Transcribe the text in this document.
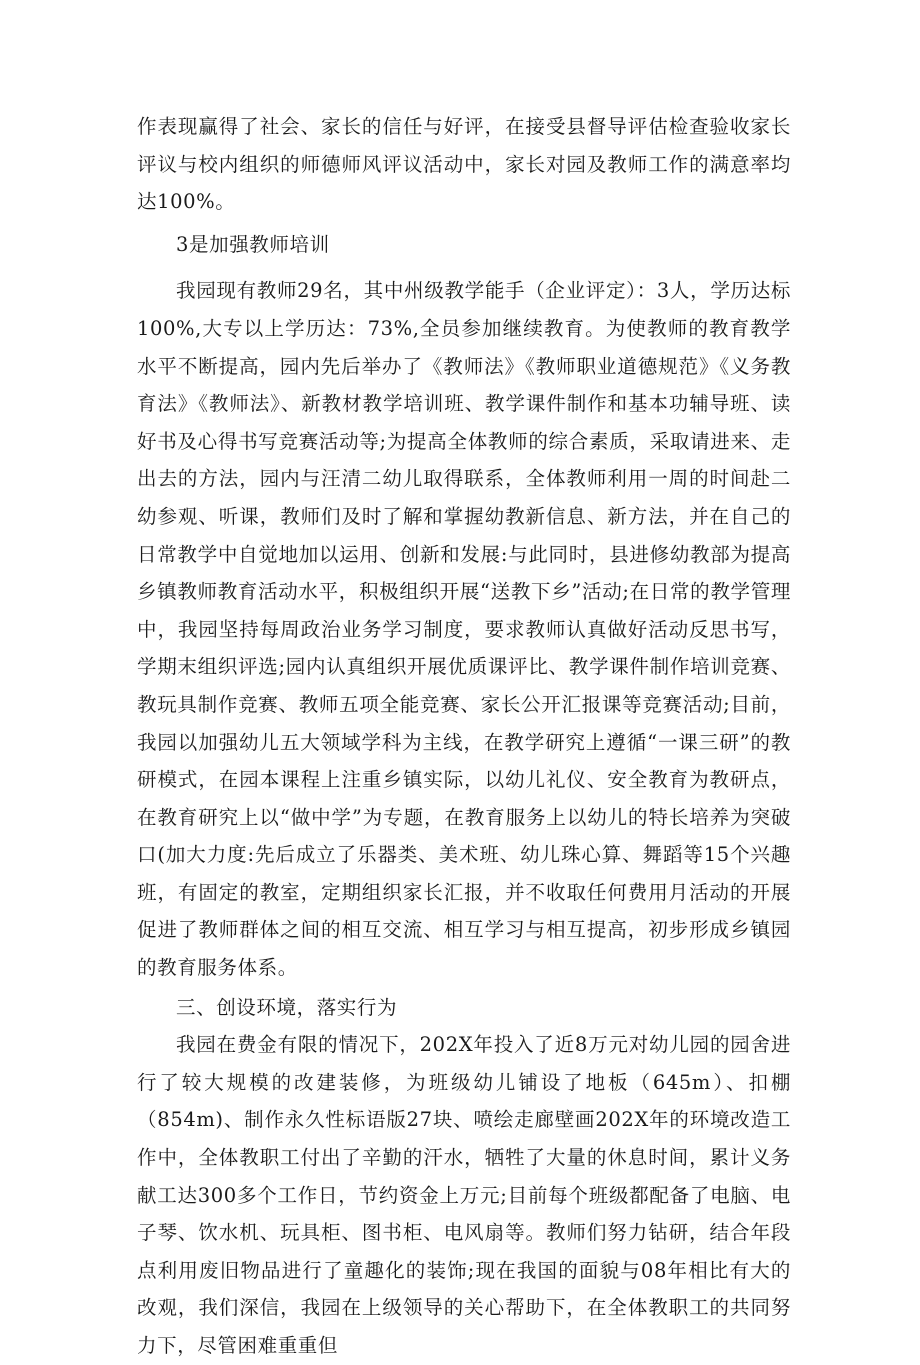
作表现赢得了社会、家长的信任与好评，在接受县督导评估检查验收家长评议与校内组织的师德师风评议活动中，家长对园及教师工作的满意率均达100%。

3是加强教师培训

我园现有教师29名，其中州级教学能手（企业评定）：3人，学历达标100%,大专以上学历达：73%,全员参加继续教育。为使教师的教育教学水平不断提高，园内先后举办了《教师法》《教师职业道德规范》《义务教育法》《教师法》、新教材教学培训班、教学课件制作和基本功辅导班、读好书及心得书写竞赛活动等;为提高全体教师的综合素质，采取请进来、走出去的方法，园内与汪清二幼儿取得联系，全体教师利用一周的时间赴二幼参观、听课，教师们及时了解和掌握幼教新信息、新方法，并在自己的日常教学中自觉地加以运用、创新和发展:与此同时，县进修幼教部为提高乡镇教师教育活动水平，积极组织开展“送教下乡”活动;在日常的教学管理中，我园坚持每周政治业务学习制度，要求教师认真做好活动反思书写，学期末组织评选;园内认真组织开展优质课评比、教学课件制作培训竞赛、教玩具制作竞赛、教师五项全能竞赛、家长公开汇报课等竞赛活动;目前，我园以加强幼儿五大领域学科为主线，在教学研究上遵循“一课三研”的教研模式，在园本课程上注重乡镇实际，以幼儿礼仪、安全教育为教研点，在教育研究上以“做中学”为专题，在教育服务上以幼儿的特长培养为突破口(加大力度:先后成立了乐器类、美术班、幼儿珠心算、舞蹈等15个兴趣班，有固定的教室，定期组织家长汇报，并不收取任何费用月活动的开展促进了教师群体之间的相互交流、相互学习与相互提高，初步形成乡镇园的教育服务体系。

三、创设环境，落实行为

我园在费金有限的情况下，202X年投入了近8万元对幼儿园的园舍进行了较大规模的改建装修，为班级幼儿铺设了地板（645m）、扣棚（854m)、制作永久性标语版27块、喷绘走廊壁画202X年的环境改造工作中，全体教职工付出了辛勤的汗水，牺牲了大量的休息时间，累计义务献工达300多个工作日，节约资金上万元;目前每个班级都配备了电脑、电子琴、饮水机、玩具柜、图书柜、电风扇等。教师们努力钻研，结合年段点利用废旧物品进行了童趣化的装饰;现在我国的面貌与08年相比有大的改观，我们深信，我园在上级领导的关心帮助下，在全体教职工的共同努力下，尽管困难重重但
